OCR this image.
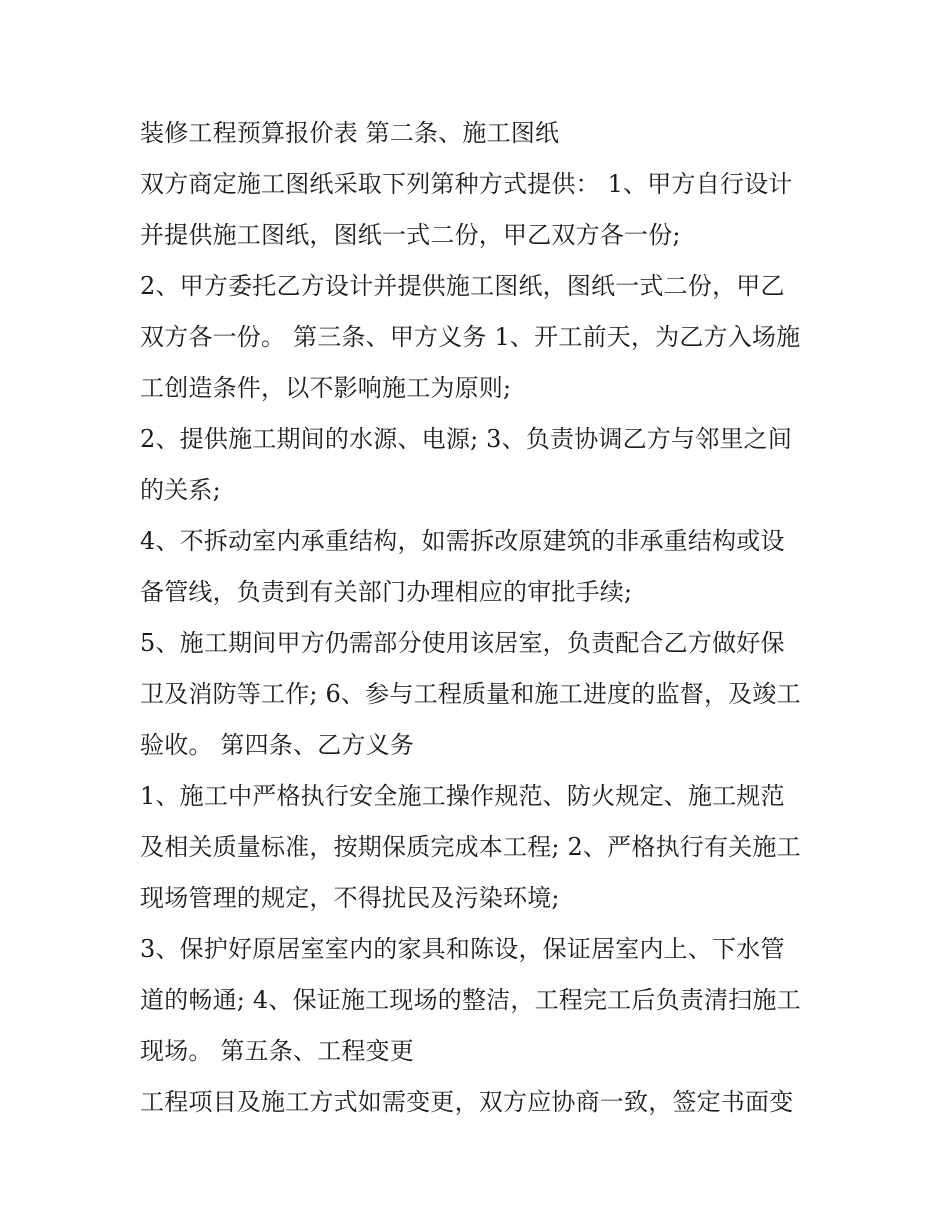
装修工程预算报价表 第二条、施工图纸
双方商定施工图纸采取下列第种方式提供： 1、甲方自行设计
并提供施工图纸，图纸一式二份，甲乙双方各一份;
2、甲方委托乙方设计并提供施工图纸，图纸一式二份，甲乙
双方各一份。 第三条、甲方义务 1、开工前天，为乙方入场施
工创造条件，以不影响施工为原则;
2、提供施工期间的水源、电源; 3、负责协调乙方与邻里之间
的关系;
4、不拆动室内承重结构，如需拆改原建筑的非承重结构或设
备管线，负责到有关部门办理相应的审批手续;
5、施工期间甲方仍需部分使用该居室，负责配合乙方做好保
卫及消防等工作; 6、参与工程质量和施工进度的监督，及竣工
验收。 第四条、乙方义务
1、施工中严格执行安全施工操作规范、防火规定、施工规范
及相关质量标准，按期保质完成本工程; 2、严格执行有关施工
现场管理的规定，不得扰民及污染环境;
3、保护好原居室室内的家具和陈设，保证居室内上、下水管
道的畅通; 4、保证施工现场的整洁，工程完工后负责清扫施工
现场。 第五条、工程变更
工程项目及施工方式如需变更，双方应协商一致，签定书面变
